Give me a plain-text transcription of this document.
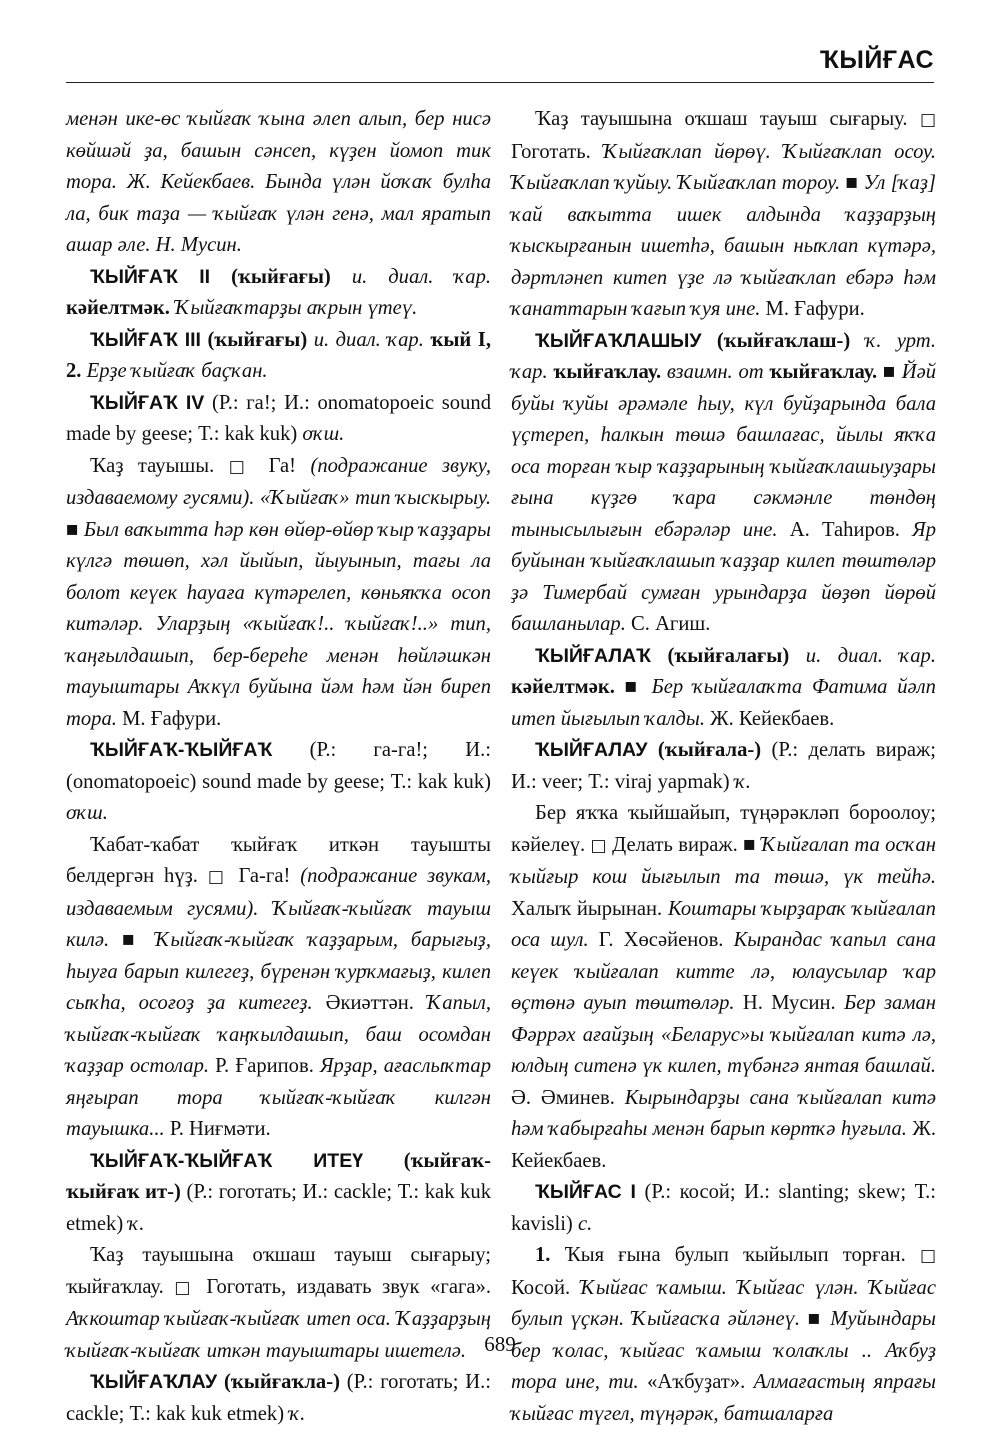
ҠЫЙҒАС

менән ике-өс ҡыйғаҡ ҡына әлеп алып, бер нисә көйшәй ҙа, башын сәнсеп, күҙен йомоп тик тора. Ж. Кейекбаев. Бында үлән йоҡаҡ булһа ла, бик таҙа — ҡыйғаҡ үлән генә, мал яратып ашар әле. Н. Мусин.

ҠЫЙҒАҠ II (ҡыйғағы) и. диал. ҡар. кәйелтмәк. Ҡыйғаҡтарҙы аҡрын үтеү.

ҠЫЙҒАҠ III (ҡыйғағы) и. диал. ҡар. ҡый I, 2. Ерҙе ҡыйғаҡ баҫҡан.

ҠЫЙҒАҠ IV (Р.: га!; И.: onomatopoeic sound made by geese; Т.: kak kuk) оҡш.

Ҡаҙ тауышы. □ Га! (подражание звуку, издаваемому гусями). «Ҡыйғаҡ» тип ҡыскырыу. ■ Был ваҡытта һәр көн өйөр-өйөр ҡыр ҡаҙҙары күлгә төшөп, хәл йыйып, йыуынып, тағы ла болот кеүек һауаға күтәрелеп, көньяҡҡа осоп китәләр. Уларҙың «ҡыйғаҡ!.. ҡыйғаҡ!..» тип, ҡаңғылдашып, бер-береһе менән һөйләшкән тауыштары Аҡкүл буйына йәм һәм йән биреп тора. М. Ғафури.

ҠЫЙҒАҠ-ҠЫЙҒАҠ (Р.: га-га!; И.: (onomatopoeic) sound made by geese; Т.: kak kuk) оҡш.

Ҡабат-ҡабат ҡыйғаҡ иткән тауышты белдергән һүҙ. □ Га-га! (подражание звукам, издаваемым гусями). Ҡыйғаҡ-ҡыйғаҡ тауыш килә. ■ Ҡыйғаҡ-ҡыйғаҡ ҡаҙҙарым, барығыҙ, һыуға барып килегеҙ, бүренән ҡурҡмағыҙ, килеп сыҡһа, осоғоҙ ҙа китегеҙ. Әкиәттән. Ҡапыл, ҡыйғаҡ-ҡыйғаҡ ҡаңҡылдашып, баш осомдан ҡаҙҙар остолар. Р. Ғарипов. Ярҙар, ағаслыҡтар яңғырап тора ҡыйғаҡ-ҡыйғаҡ килгән тауышка... Р. Ниғмәти.

ҠЫЙҒАҠ-ҠЫЙҒАҠ ИТЕҮ (ҡыйғаҡ-ҡыйғаҡ ит-) (Р.: гоготать; И.: cackle; Т.: kak kuk etmek) ҡ.

Ҡаҙ тауышына оҡшаш тауыш сығарыу; ҡыйғаҡлау. □ Гоготать, издавать звук «гага». Аҡкоштар ҡыйғаҡ-ҡыйғаҡ итеп оса. Ҡаҙҙарҙың ҡыйғаҡ-ҡыйғаҡ иткән тауыштары ишетелә.

ҠЫЙҒАҠЛАУ (ҡыйғаҡла-) (Р.: гоготать; И.: cackle; Т.: kak kuk etmek) ҡ.

Ҡаҙ тауышына оҡшаш тауыш сығарыу. □ Гоготать. Ҡыйғаҡлап йөрөү. Ҡыйғаҡлап осоу. Ҡыйғаҡлап ҡуйыу. Ҡыйғаҡлап тороу. ■ Ул [ҡаҙ] ҡай ваҡытта ишек алдында ҡаҙҙарҙың ҡыскырғанын ишетһә, башын ныҡлап күтәрә, дәртләнеп китеп үҙе лә ҡыйғаҡлап ебәрә һәм ҡанаттарын ҡағып ҡуя ине. М. Ғафури.

ҠЫЙҒАҠЛАШЫУ (ҡыйғаҡлаш-) ҡ. урт. ҡар. ҡыйғаҡлау. взаимн. от ҡыйғаҡлау. ■ Йәй буйы ҡуйы әрәмәле һыу, күл буйҙарында бала үҫтереп, һалкын төшә башлағас, йылы яҡҡа оса торған ҡыр ҡаҙҙарының ҡыйғаҡлашыуҙары ғына күҙгө ҡара сәкмәнле төндөң тынысылығын ебәрәләр ине. А. Таһиров. Яр буйынан ҡыйғаҡлашып ҡаҙҙар килеп төштөләр ҙә Тимербай сумған урындарҙа йөҙөп йөрөй башланылар. С. Агиш.

ҠЫЙҒАЛАҠ (ҡыйғалағы) и. диал. ҡар. кәйелтмәк. ■ Бер ҡыйғалаҡта Фатима йәлп итеп йығылып ҡалды. Ж. Кейекбаев.

ҠЫЙҒАЛАУ (ҡыйғала-) (Р.: делать вираж; И.: veer; Т.: viraj yapmak) ҡ.

Бер яҡҡа ҡыйшайып, түңәрәкләп бороолоу; кәйелеү. □ Делать вираж. ■ Ҡыйғалап та осҡан ҡыйғыр кош йығылып та төшә, үк тейһә. Халыҡ йырынан. Коштары ҡырҙараҡ ҡыйғалап оса шул. Г. Хөсәйенов. Кырандас ҡапыл сана кеүек ҡыйғалап китте лә, юлаусылар ҡар өҫтөнә ауып төштөләр. Н. Мусин. Бер заман Фәррәх ағайҙың «Беларус»ы ҡыйғалап китә лә, юлдың ситенә үк килеп, түбәнгә янтая башлай. Ә. Әминев. Кырындарҙы сана ҡыйғалап китә һәм ҡабырғаһы менән барып көртҡә һуғыла. Ж. Кейекбаев.

ҠЫЙҒАС I (Р.: косой; И.: slanting; skew; Т.: kavisli) с.

1. Ҡыя ғына булып ҡыйылып торған. □ Косой. Ҡыйғас ҡамыш. Ҡыйғас үлән. Ҡыйғас булып үҫкән. Ҡыйғасҡа әйләнеү. ■ Муйындары бер ҡолас, ҡыйғас ҡамыш ҡолаҡлы .. Аҡбуҙ тора ине, ти. «Аҡбуҙат». Алмағастың япрағы ҡыйғас түгел, түңәрәк, батшаларға

689
